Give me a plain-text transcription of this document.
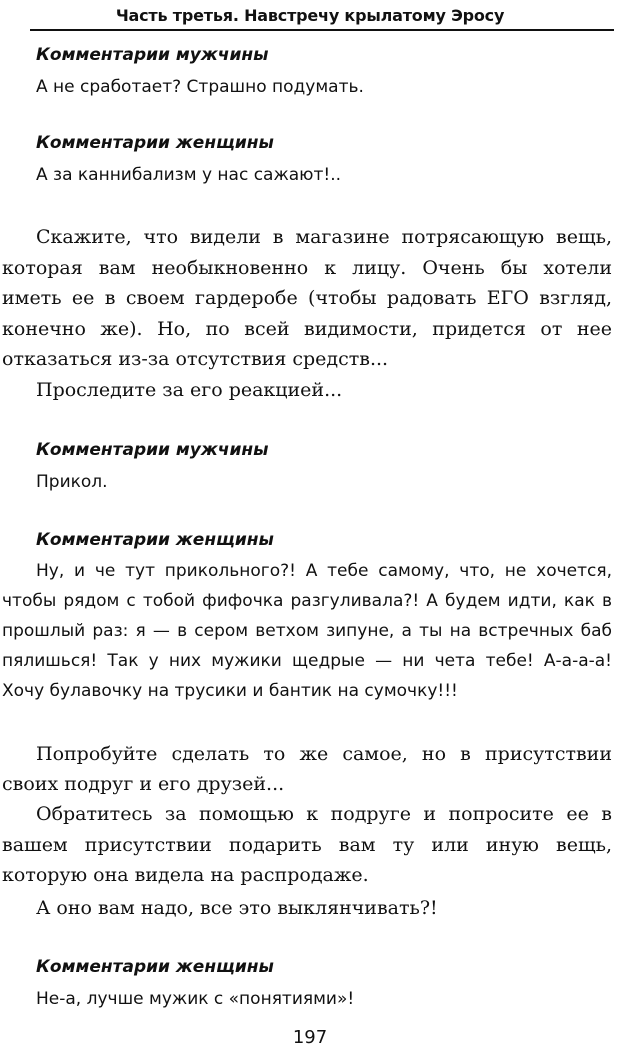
Часть третья. Навстречу крылатому Эросу
Комментарии мужчины
А не сработает? Страшно подумать.
Комментарии женщины
А за каннибализм у нас сажают!..
Скажите, что видели в магазине потрясающую вещь,
которая вам необыкновенно к лицу. Очень бы хотели
иметь ее в своем гардеробе (чтобы радовать ЕГО взгляд,
конечно же). Но, по всей видимости, придется от нее
отказаться из-за отсутствия средств...
Проследите за его реакцией...
Комментарии мужчины
Прикол.
Комментарии женщины
Ну, и че тут прикольного?! А тебе самому, что, не хочется,
чтобы рядом с тобой фифочка разгуливала?! А будем идти, как в
прошлый раз: я — в сером ветхом зипуне, а ты на встречных баб
пялишься! Так у них мужики щедрые — ни чета тебе! А-а-а-а!
Хочу булавочку на трусики и бантик на сумочку!!!
Попробуйте сделать то же самое, но в присутствии
своих подруг и его друзей...
Обратитесь за помощью к подруге и попросите ее в
вашем присутствии подарить вам ту или иную вещь,
которую она видела на распродаже.
А оно вам надо, все это выклянчивать?!
Комментарии женщины
Не-а, лучше мужик с «понятиями»!
197
